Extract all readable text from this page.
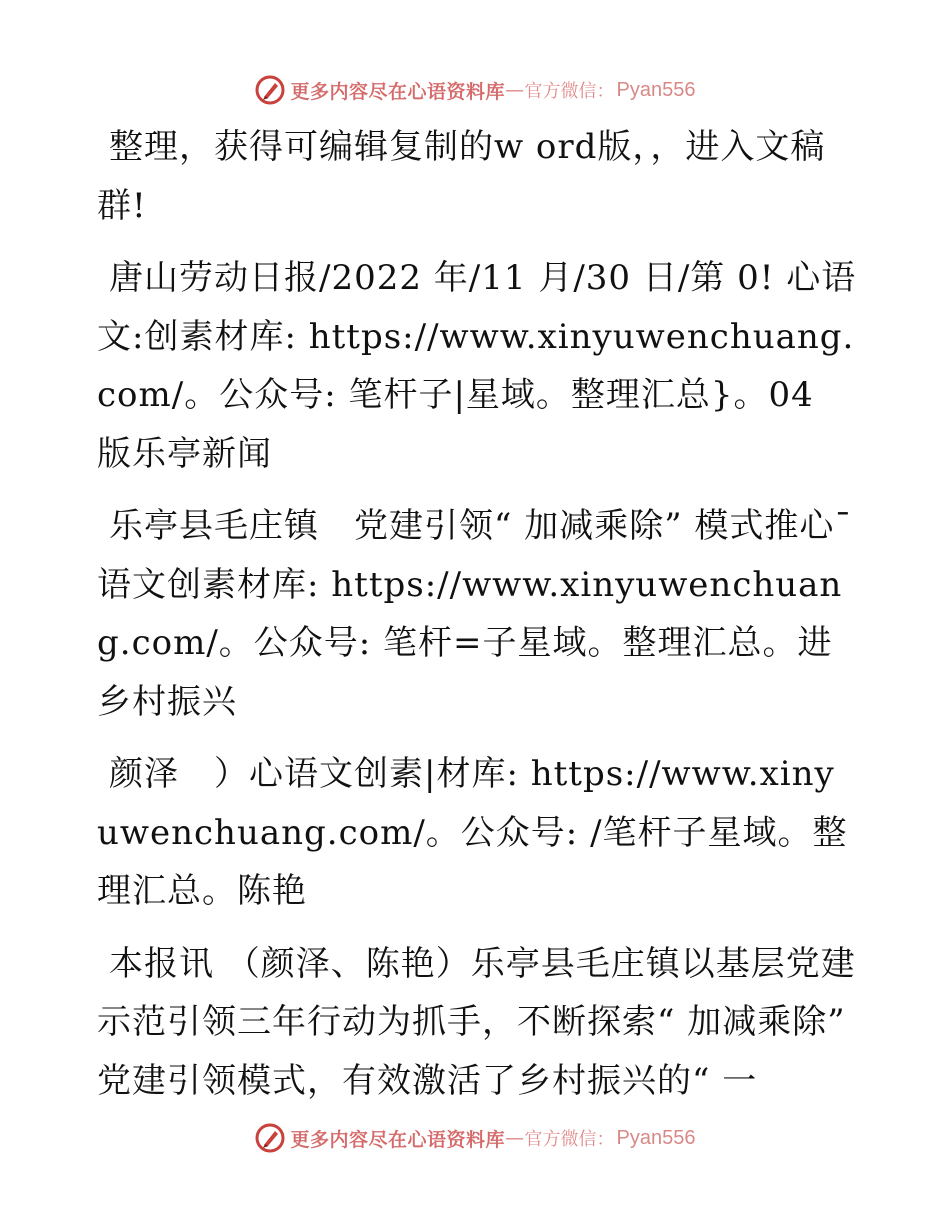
更多内容尽在心语资料库 — 官方微信： Pyan556

整理，获得可编辑复制的w ord版，，进入文稿群!

唐山劳动日报/2022 年/11 月/30 日/第 0! 心语文:创素材库: https://www.xinyuwenchuang.com/。公众号: 笔杆子|星域。整理汇总}。04 版乐亭新闻

乐亭县毛庄镇　党建引领“ 加减乘除” 模式推心¯语文创素材库: https://www.xinyuwenchuang.com/。公众号: 笔杆=子星域。整理汇总。进乡村振兴

颜泽　）心语文创素|材库: https://www.xinyuwenchuang.com/。公众号: /笔杆子星域。整理汇总。陈艳

本报讯 （颜泽、陈艳）乐亭县毛庄镇以基层党建示范引领三年行动为抓手，不断探索“ 加减乘除” 党建引领模式，有效激活了乡村振兴的“ 一

更多内容尽在心语资料库 — 官方微信： Pyan556
